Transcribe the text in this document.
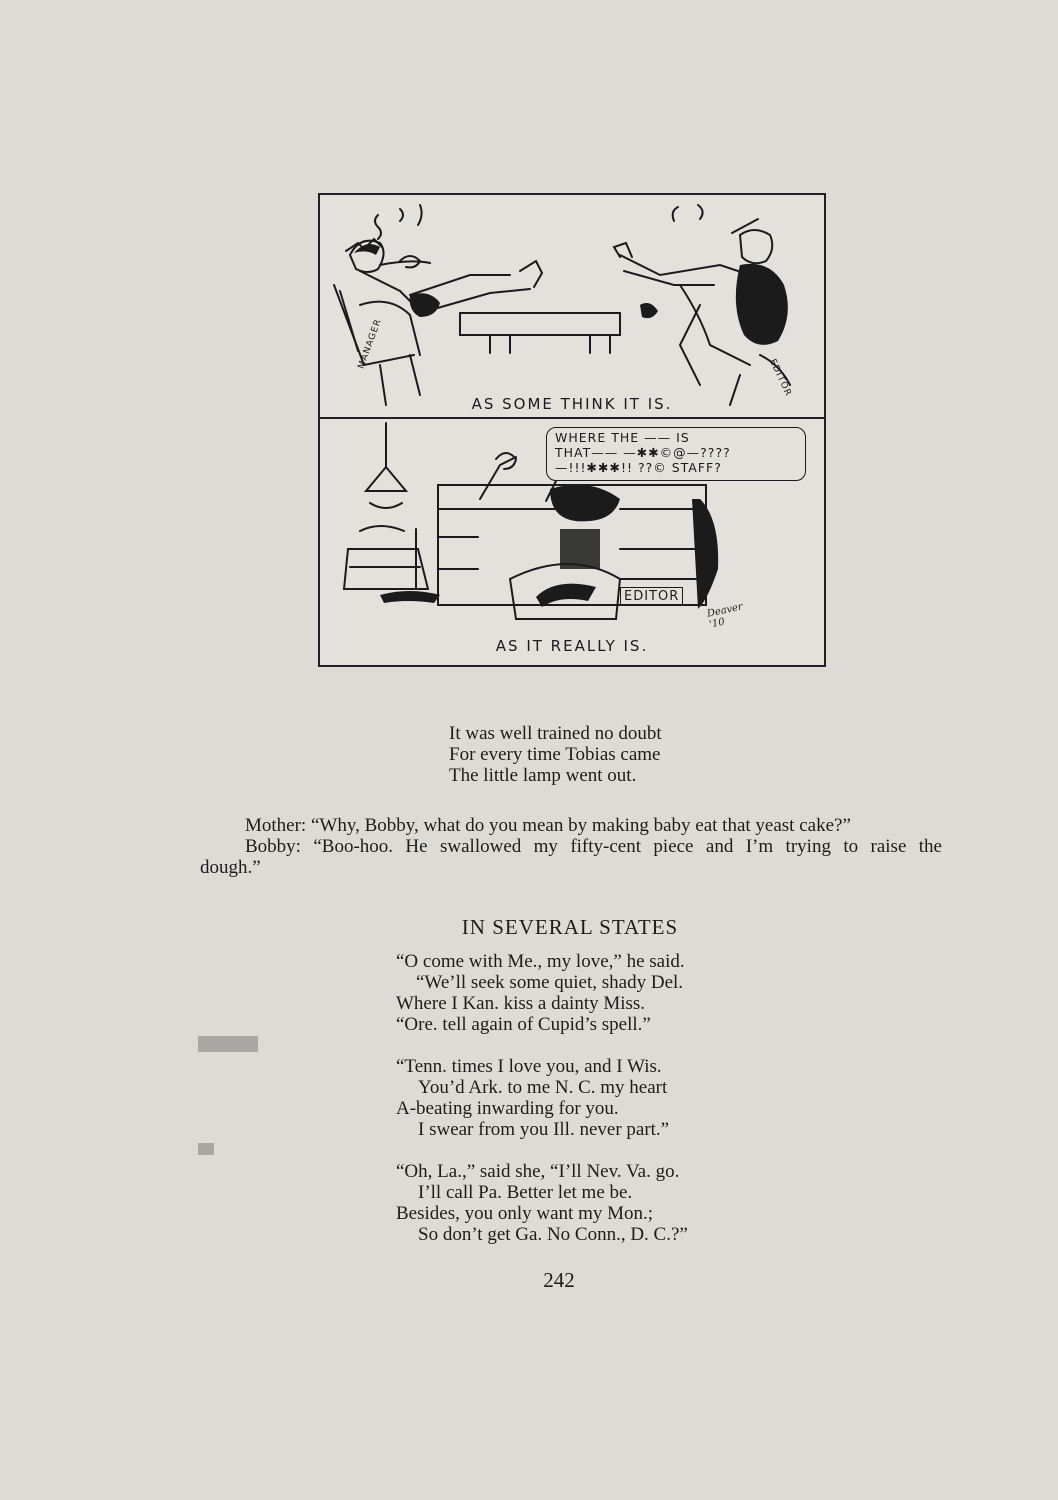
MANAGER
EDITOR
AS SOME THINK IT IS.
WHERE THE —— IS
THAT—— —✱✱©@—????
—!!!✱✱✱!! ??© STAFF?
EDITOR
Deaver
'10
AS IT REALLY IS.
It was well trained no doubt
For every time Tobias came
The little lamp went out.
Mother: “Why, Bobby, what do you mean by making baby eat that yeast cake?”
Bobby: “Boo-hoo. He swallowed my fifty-cent piece and I’m trying to raise the
dough.”
IN SEVERAL STATES
“O come with Me., my love,” he said.
“We’ll seek some quiet, shady Del.
Where I Kan. kiss a dainty Miss.
“Ore. tell again of Cupid’s spell.”
“Tenn. times I love you, and I Wis.
You’d Ark. to me N. C. my heart
A-beating inwarding for you.
I swear from you Ill. never part.”
“Oh, La.,” said she, “I’ll Nev. Va. go.
I’ll call Pa. Better let me be.
Besides, you only want my Mon.;
So don’t get Ga. No Conn., D. C.?”
242
